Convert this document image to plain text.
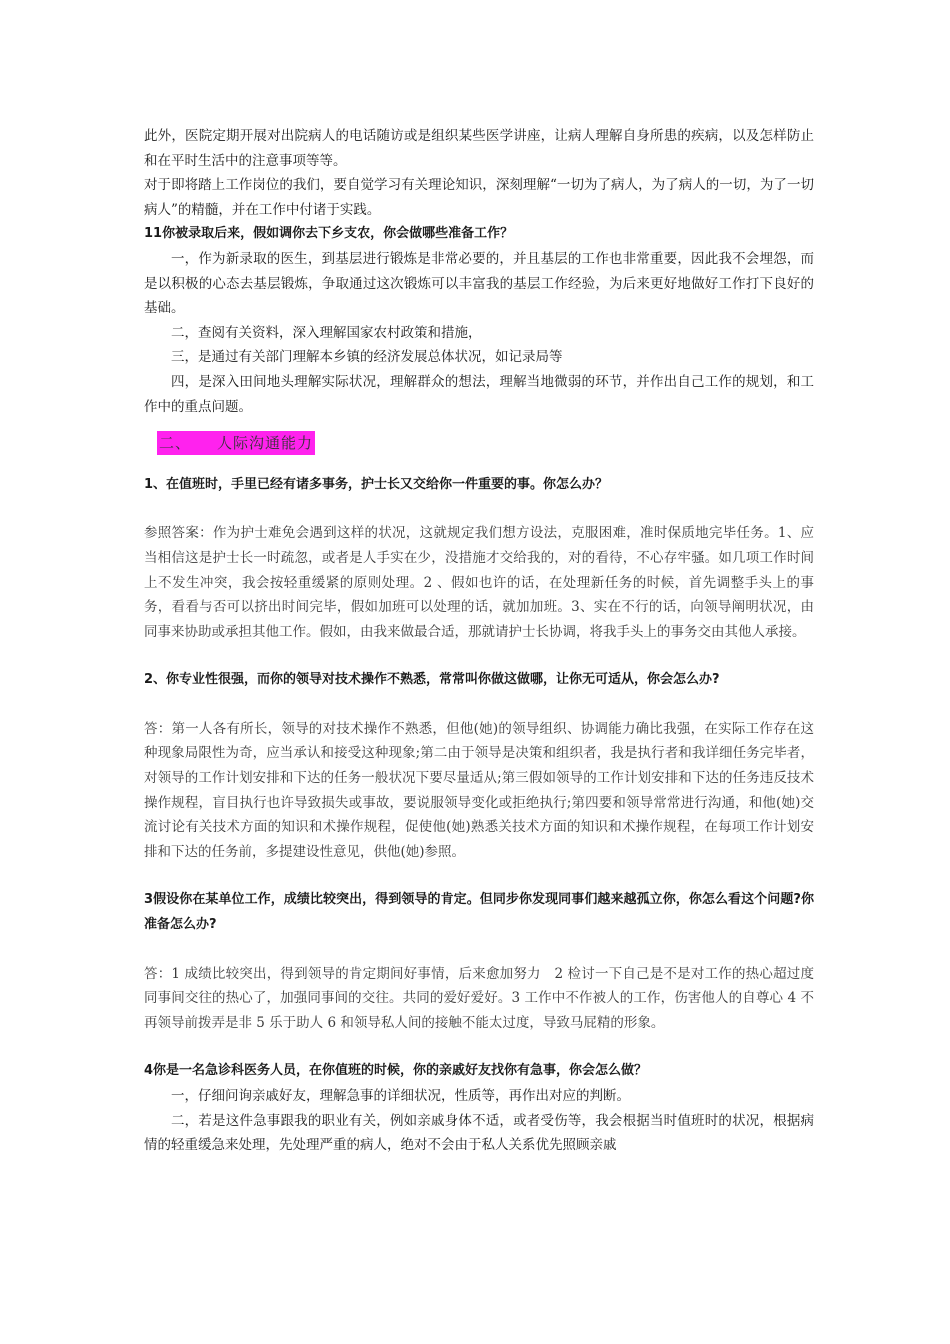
此外，医院定期开展对出院病人的电话随访或是组织某些医学讲座，让病人理解自身所患的疾病，以及怎样防止和在平时生活中的注意事项等等。

对于即将踏上工作岗位的我们，要自觉学习有关理论知识，深刻理解“一切为了病人，为了病人的一切，为了一切病人”的精髓，并在工作中付诸于实践。

11你被录取后来，假如调你去下乡支农，你会做哪些准备工作？

一，作为新录取的医生，到基层进行锻炼是非常必要的，并且基层的工作也非常重要，因此我不会埋怨，而是以积极的心态去基层锻炼，争取通过这次锻炼可以丰富我的基层工作经验，为后来更好地做好工作打下良好的基础。

二，查阅有关资料，深入理解国家农村政策和措施，

三，是通过有关部门理解本乡镇的经济发展总体状况，如记录局等

四，是深入田间地头理解实际状况，理解群众的想法，理解当地微弱的环节，并作出自己工作的规划，和工作中的重点问题。

二、 人际沟通能力

1、在值班时，手里已经有诸多事务，护士长又交给你一件重要的事。你怎么办？

参照答案：作为护士难免会遇到这样的状况，这就规定我们想方设法，克服困难，准时保质地完毕任务。1、应当相信这是护士长一时疏忽，或者是人手实在少，没措施才交给我的，对的看待，不心存牢骚。如几项工作时间上不发生冲突，我会按轻重缓紧的原则处理。2 、假如也许的话，在处理新任务的时候，首先调整手头上的事务，看看与否可以挤出时间完毕，假如加班可以处理的话，就加加班。3、实在不行的话，向领导阐明状况，由同事来协助或承担其他工作。假如，由我来做最合适，那就请护士长协调，将我手头上的事务交由其他人承接。

2、你专业性很强，而你的领导对技术操作不熟悉，常常叫你做这做哪，让你无可适从，你会怎么办?

答：第一人各有所长，领导的对技术操作不熟悉，但他(她)的领导组织、协调能力确比我强，在实际工作存在这种现象局限性为奇，应当承认和接受这种现象;第二由于领导是决策和组织者，我是执行者和我详细任务完毕者，对领导的工作计划安排和下达的任务一般状况下要尽量适从;第三假如领导的工作计划安排和下达的任务违反技术操作规程，盲目执行也许导致损失或事故，要说服领导变化或拒绝执行;第四要和领导常常进行沟通，和他(她)交流讨论有关技术方面的知识和术操作规程，促使他(她)熟悉关技术方面的知识和术操作规程，在每项工作计划安排和下达的任务前，多提建设性意见，供他(她)参照。

3假设你在某单位工作，成绩比较突出，得到领导的肯定。但同步你发现同事们越来越孤立你，你怎么看这个问题?你准备怎么办?

答：1 成绩比较突出，得到领导的肯定期间好事情，后来愈加努力　2 检讨一下自己是不是对工作的热心超过度同事间交往的热心了，加强同事间的交往。共同的爱好爱好。3 工作中不作被人的工作，伤害他人的自尊心 4 不再领导前拨弄是非 5 乐于助人 6 和领导私人间的接触不能太过度，导致马屁精的形象。

4你是一名急诊科医务人员，在你值班的时候，你的亲戚好友找你有急事，你会怎么做？

一，仔细问询亲戚好友，理解急事的详细状况，性质等，再作出对应的判断。

二，若是这件急事跟我的职业有关，例如亲戚身体不适，或者受伤等，我会根据当时值班时的状况，根据病情的轻重缓急来处理，先处理严重的病人，绝对不会由于私人关系优先照顾亲戚
